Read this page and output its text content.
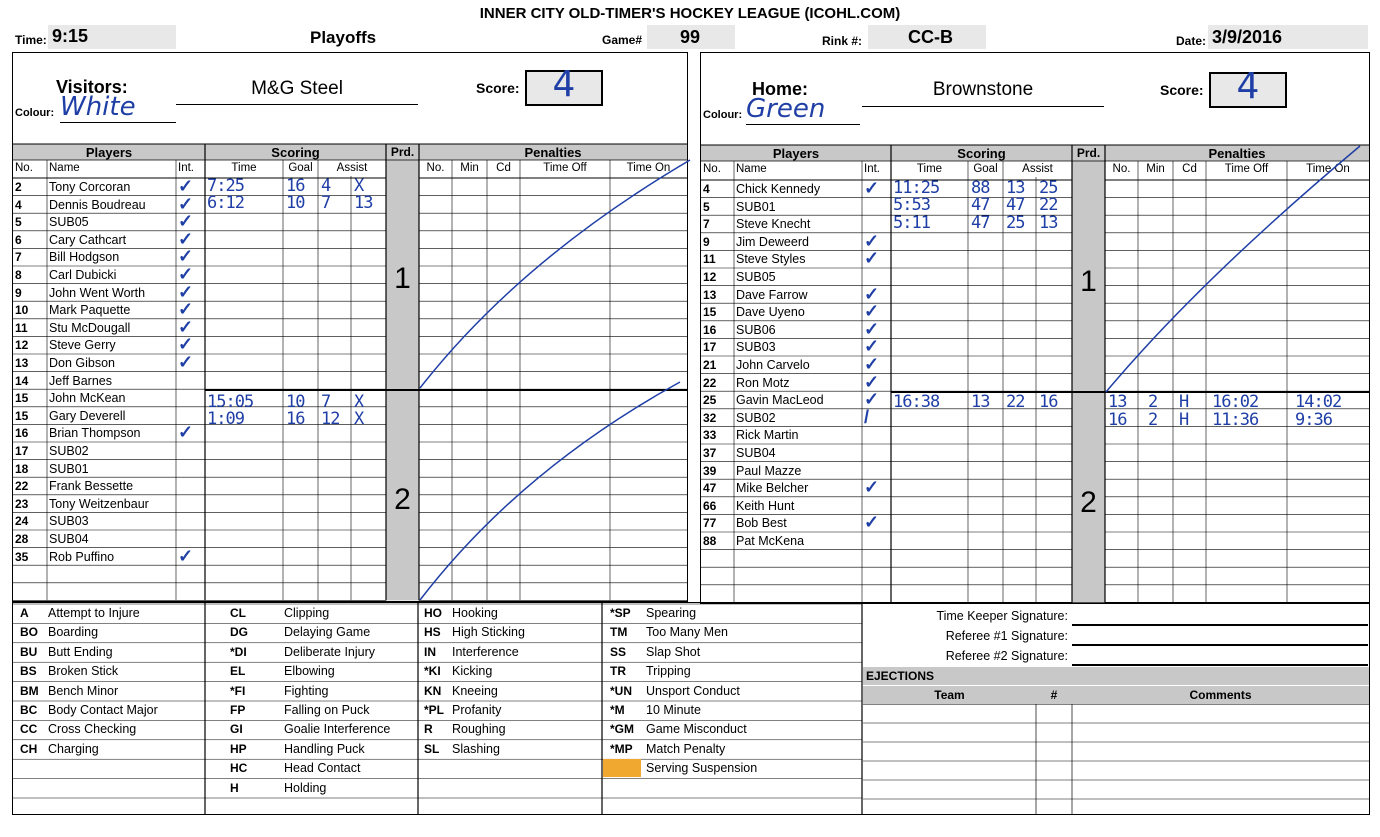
INNER CITY OLD-TIMER'S HOCKEY LEAGUE (ICOHL.COM)
Time: 9:15	Playoffs	Game# 99	Rink #:	CC-B	Date: 3/9/2016
Visitors:
Colour: White
M&G Steel	Score: 4	Home:
Colour: Green
Brownstone	Score: 4
Players	Scoring	Prd.	Penalties
No.	Name	Int.	Time	Goal	Assist	No.	Min	Cd	Time Off	Time On
1
2
2 Tony Corcoran	✓
4 Dennis Boudreau ✓
5 SUB05	✓
6 Cary Cathcart	✓
7 Bill Hodgson	✓
8 Carl Dubicki	✓
9 John Went Worth ✓
10 Mark Paquette	✓
11 Stu McDougall	✓
12 Steve Gerry	✓
13 Don Gibson	✓
14 Jeff Barnes
15 John McKean
15 Gary Deverell
16 Brian Thompson ✓
17 SUB02
18 SUB01
22 Frank Bessette
23 Tony Weitzenbaur
24 SUB03
28 SUB04
35 Rob Puffino	✓
7:25 16 4 X
6:12 10 7 13
15:05 10 7 X
1:09 16 12 X
Players	Scoring	Prd.	Penalties
No.	Name	Int.	Time	Goal	Assist	No.	Min	Cd	Time Off	Time On
1
2
4 Chick Kennedy ✓
5 SUB01
7 Steve Knecht
9 Jim Deweerd	✓
11 Steve Styles	✓
12 SUB05
13 Dave Farrow	✓
15 Dave Uyeno	✓
16 SUB06	✓
17 SUB03	✓
21 John Carvelo	✓
22 Ron Motz	✓
25 Gavin MacLeod ✓
32 SUB02	/
33 Rick Martin
37 SUB04
39 Paul Mazze
47 Mike Belcher	✓
66 Keith Hunt
77 Bob Best	✓
88 Pat McKena
11:25 88 13 25
5:53 47 47 22
5:11 47 25 13
16:38 13 22 16	13 2 H 16:02 14:02
16 2 H 11:36 9:36
A Attempt to Injure
BO Boarding
BU Butt Ending
BS Broken Stick
BM Bench Minor
BC Body Contact Major
CC Cross Checking
CH Charging
CL	Clipping
DG	Delaying Game
*DI	Deliberate Injury
EL	Elbowing
*FI	Fighting
FP	Falling on Puck
GI	Goalie Interference
HP	Handling Puck
HC	Head Contact
H	Holding
HO Hooking
HS High Sticking
IN Interference
*KI Kicking
KN Kneeing
*PL Profanity
R Roughing
SL Slashing
*SP Spearing
TM Too Many Men
SS Slap Shot
TR Tripping
*UN Unsport Conduct
*M 10 Minute
*GM Game Misconduct
*MP Match Penalty
Serving Suspension
Time Keeper Signature:
Referee #1 Signature:
Referee #2 Signature:
EJECTIONS
Team	#	Comments
